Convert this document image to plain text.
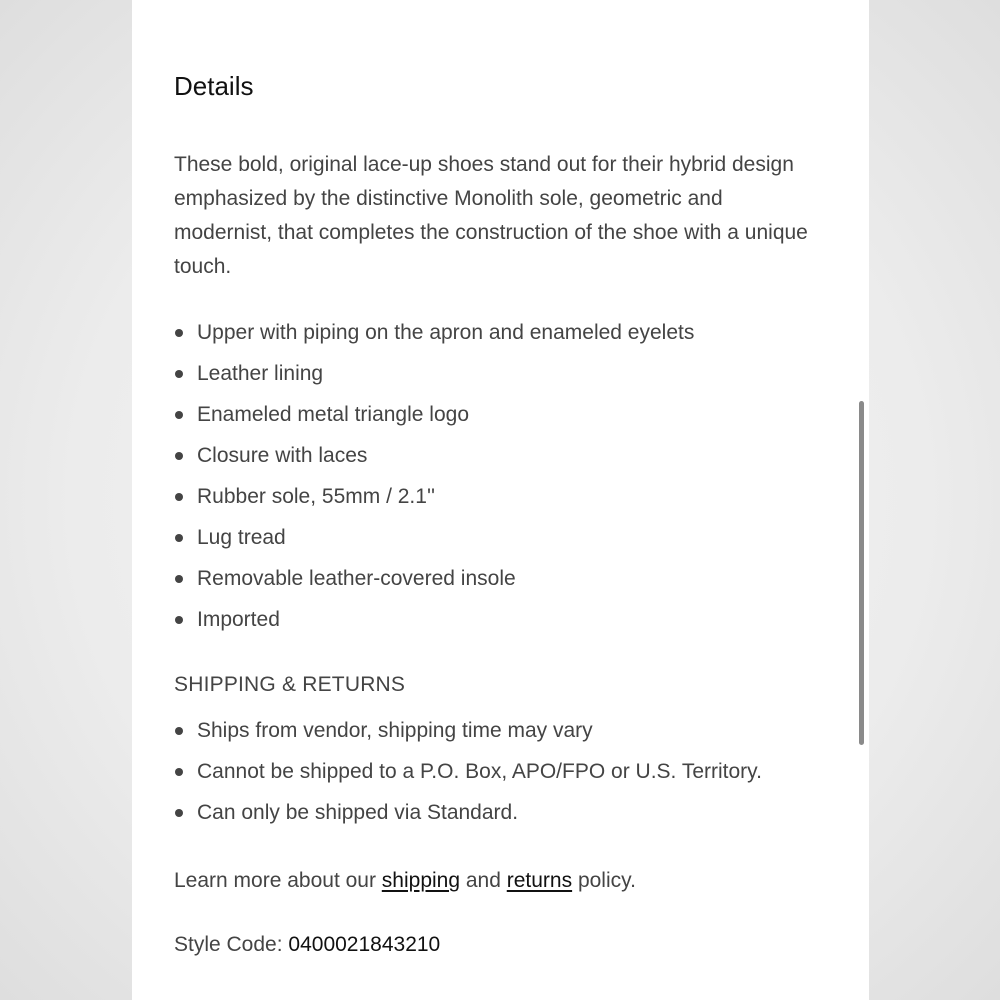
Details

These bold, original lace-up shoes stand out for their hybrid design emphasized by the distinctive Monolith sole, geometric and modernist, that completes the construction of the shoe with a unique touch.

Upper with piping on the apron and enameled eyelets
Leather lining
Enameled metal triangle logo
Closure with laces
Rubber sole, 55mm / 2.1''
Lug tread
Removable leather-covered insole
Imported
SHIPPING & RETURNS
Ships from vendor, shipping time may vary
Cannot be shipped to a P.O. Box, APO/FPO or U.S. Territory.
Can only be shipped via Standard.

Learn more about our shipping and returns policy.

Style Code: 0400021843210
